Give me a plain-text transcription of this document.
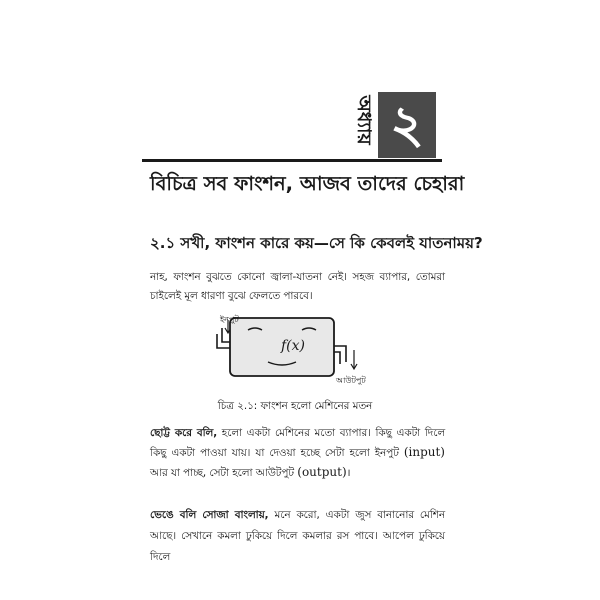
অধ্যায় ২
বিচিত্র সব ফাংশন, আজব তাদের চেহারা
২.১ সখী, ফাংশন কারে কয়—সে কি কেবলই যাতনাময়?
নাহ, ফাংশন বুঝতে কোনো জ্বালা-যাতনা নেই। সহজ ব্যাপার, তোমরা চাইলেই মূল ধারণা বুঝে ফেলতে পারবে।
ইনপুট
f(x)
আউটপুট
চিত্র ২.১: ফাংশন হলো মেশিনের মতন
ছোট্ট করে বলি, হলো একটা মেশিনের মতো ব্যাপার। কিছু একটা দিলে কিছু একটা পাওয়া যায়। যা দেওয়া হচ্ছে সেটা হলো ইনপুট (input) আর যা পাচ্ছ, সেটা হলো আউটপুট (output)।
ভেঙে বলি সোজা বাংলায়, মনে করো, একটা জুস বানানোর মেশিন আছে। সেখানে কমলা ঢুকিয়ে দিলে কমলার রস পাবে। আপেল ঢুকিয়ে দিলে
